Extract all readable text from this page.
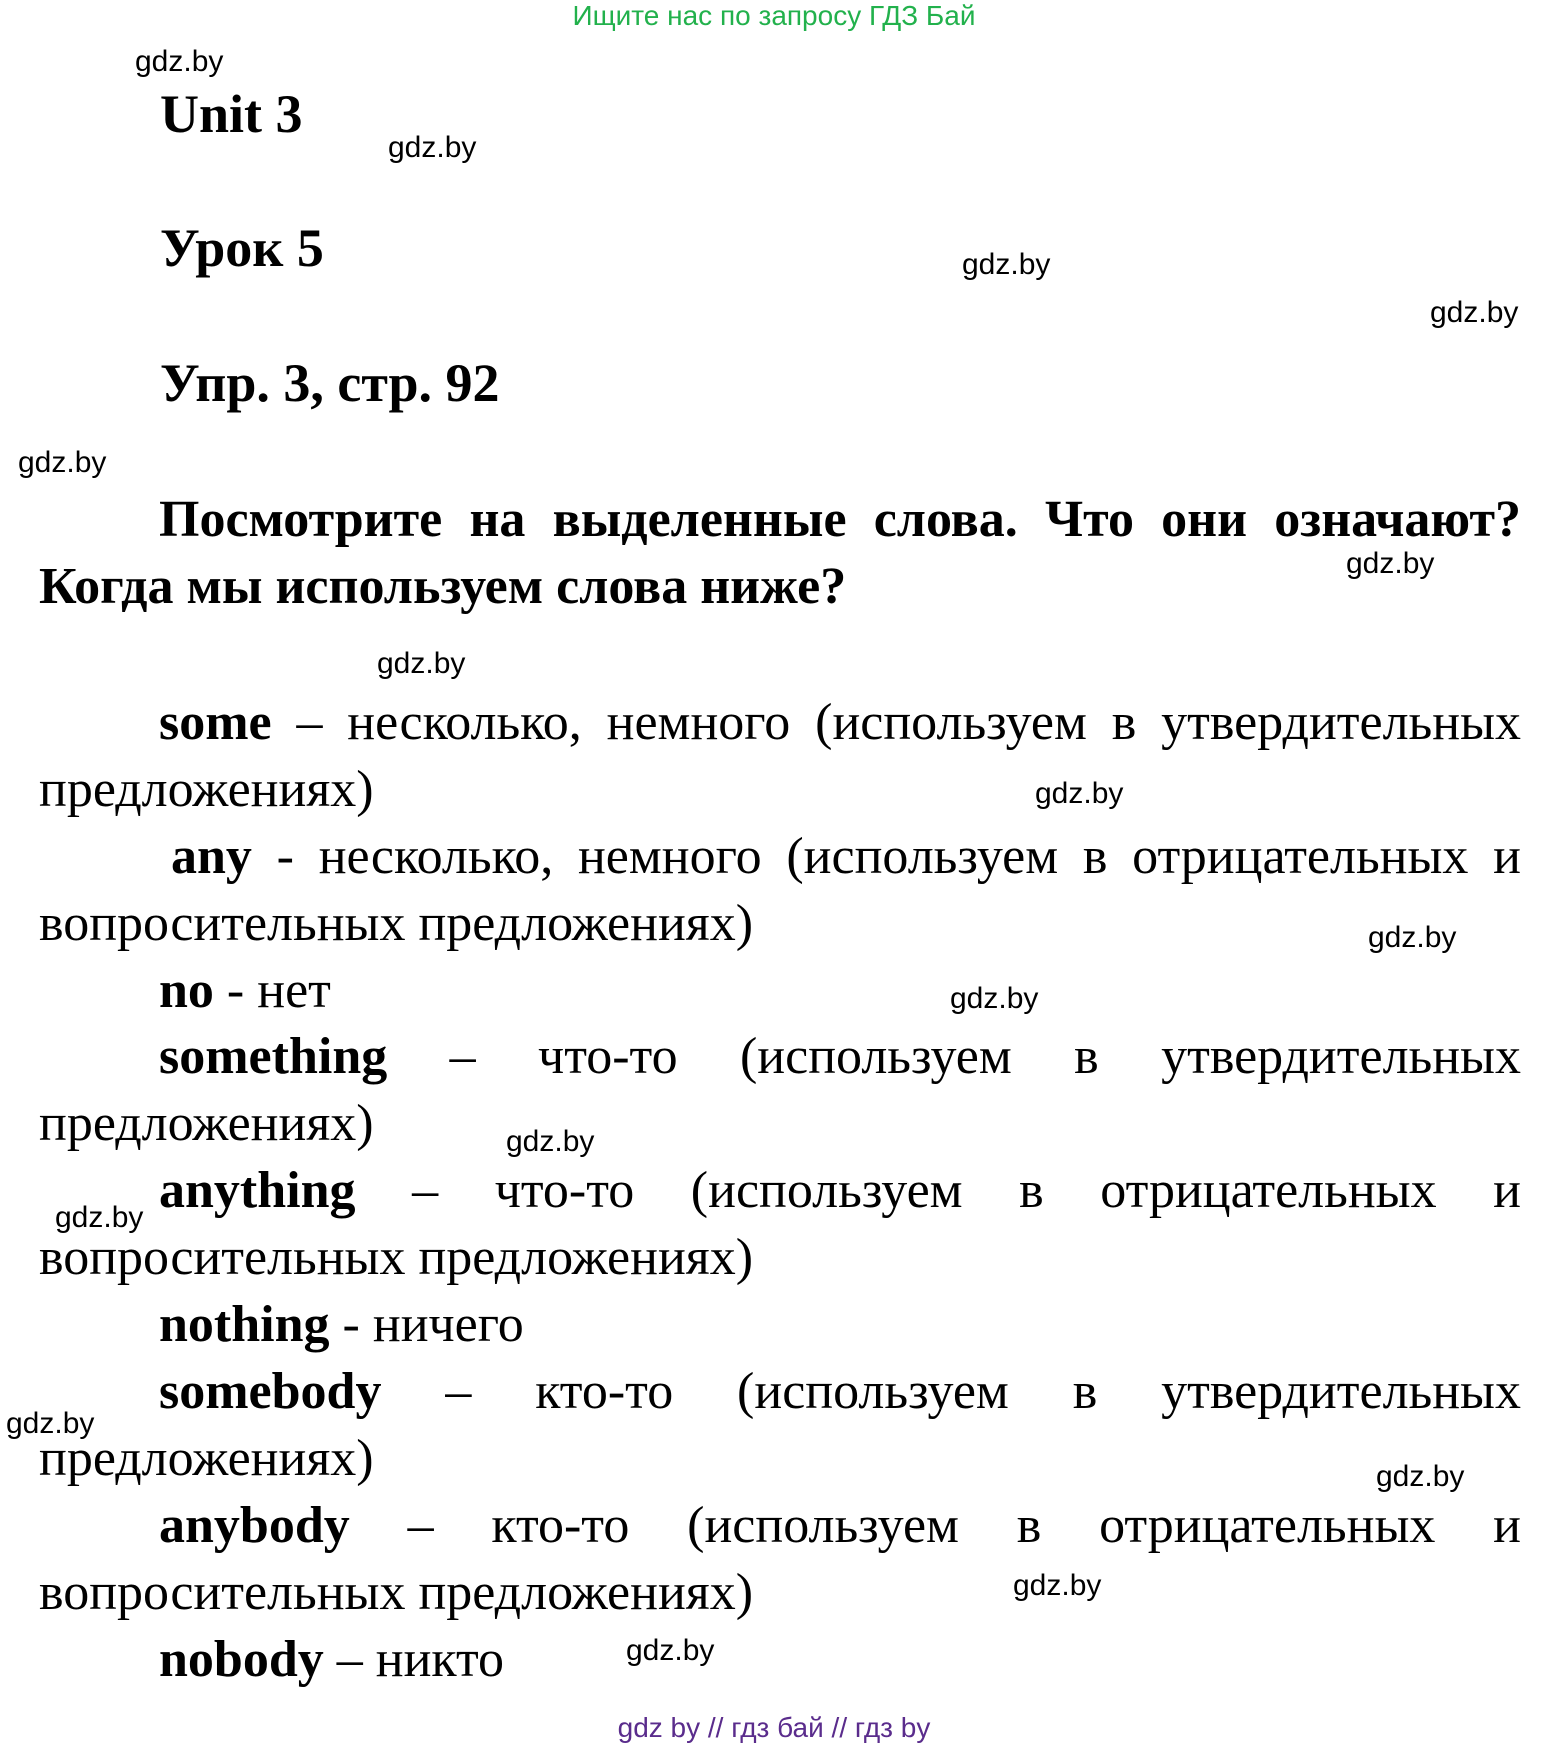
Ищите нас по запросу ГДЗ Бай
gdz.by
gdz.by
gdz.by
gdz.by
gdz.by
gdz.by
gdz.by
gdz.by
gdz.by
gdz.by
gdz.by
gdz.by
gdz.by
gdz.by
gdz.by
gdz.by
Unit 3
Урок 5
Упр. 3, стр. 92
Посмотрите на выделенные слова. Что они означают? Когда мы используем слова ниже?
some – несколько, немного (используем в утвердительных предложениях)
any - несколько, немного (используем в отрицательных и вопросительных предложениях)
no - нет
something – что-то (используем в утвердительных предложениях)
anything – что-то (используем в отрицательных и вопросительных предложениях)
nothing - ничего
somebody – кто-то (используем в утвердительных предложениях)
anybody – кто-то (используем в отрицательных и вопросительных предложениях)
nobody – никто
gdz by // гдз бай // гдз by
